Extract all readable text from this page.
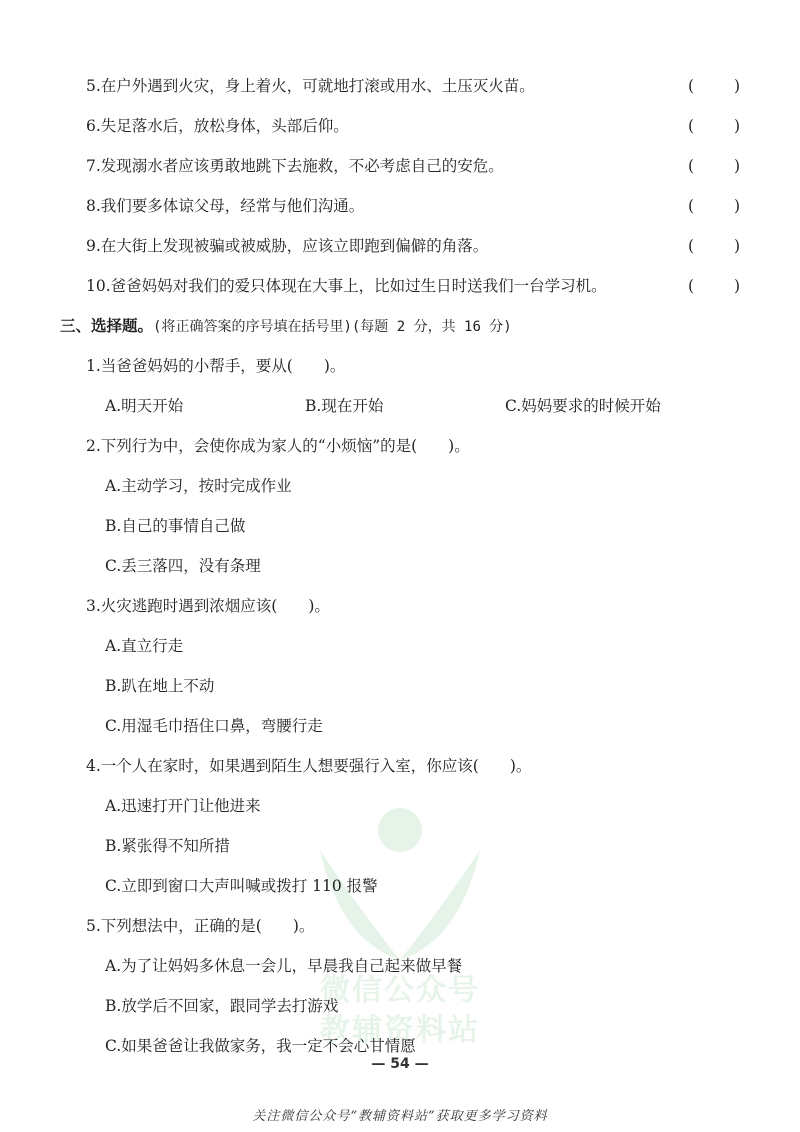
微信公众号
教辅资料站
5.在户外遇到火灾，身上着火，可就地打滚或用水、土压灭火苗。	(	)
6.失足落水后，放松身体，头部后仰。	(	)
7.发现溺水者应该勇敢地跳下去施救，不必考虑自己的安危。	(	)
8.我们要多体谅父母，经常与他们沟通。	(	)
9.在大街上发现被骗或被威胁，应该立即跑到偏僻的角落。	(	)
10.爸爸妈妈对我们的爱只体现在大事上，比如过生日时送我们一台学习机。	(	)
三、选择题。(将正确答案的序号填在括号里)(每题 2 分，共 16 分)
1.当爸爸妈妈的小帮手，要从(　　)。
A.明天开始	B.现在开始	C.妈妈要求的时候开始
2.下列行为中，会使你成为家人的“小烦恼”的是(　　)。
A.主动学习，按时完成作业
B.自己的事情自己做
C.丢三落四，没有条理
3.火灾逃跑时遇到浓烟应该(　　)。
A.直立行走
B.趴在地上不动
C.用湿毛巾捂住口鼻，弯腰行走
4.一个人在家时，如果遇到陌生人想要强行入室，你应该(　　)。
A.迅速打开门让他进来
B.紧张得不知所措
C.立即到窗口大声叫喊或拨打 110 报警
5.下列想法中，正确的是(　　)。
A.为了让妈妈多休息一会儿，早晨我自己起来做早餐
B.放学后不回家，跟同学去打游戏
C.如果爸爸让我做家务，我一定不会心甘情愿
— 54 —
关注微信公众号“教辅资料站”获取更多学习资料
